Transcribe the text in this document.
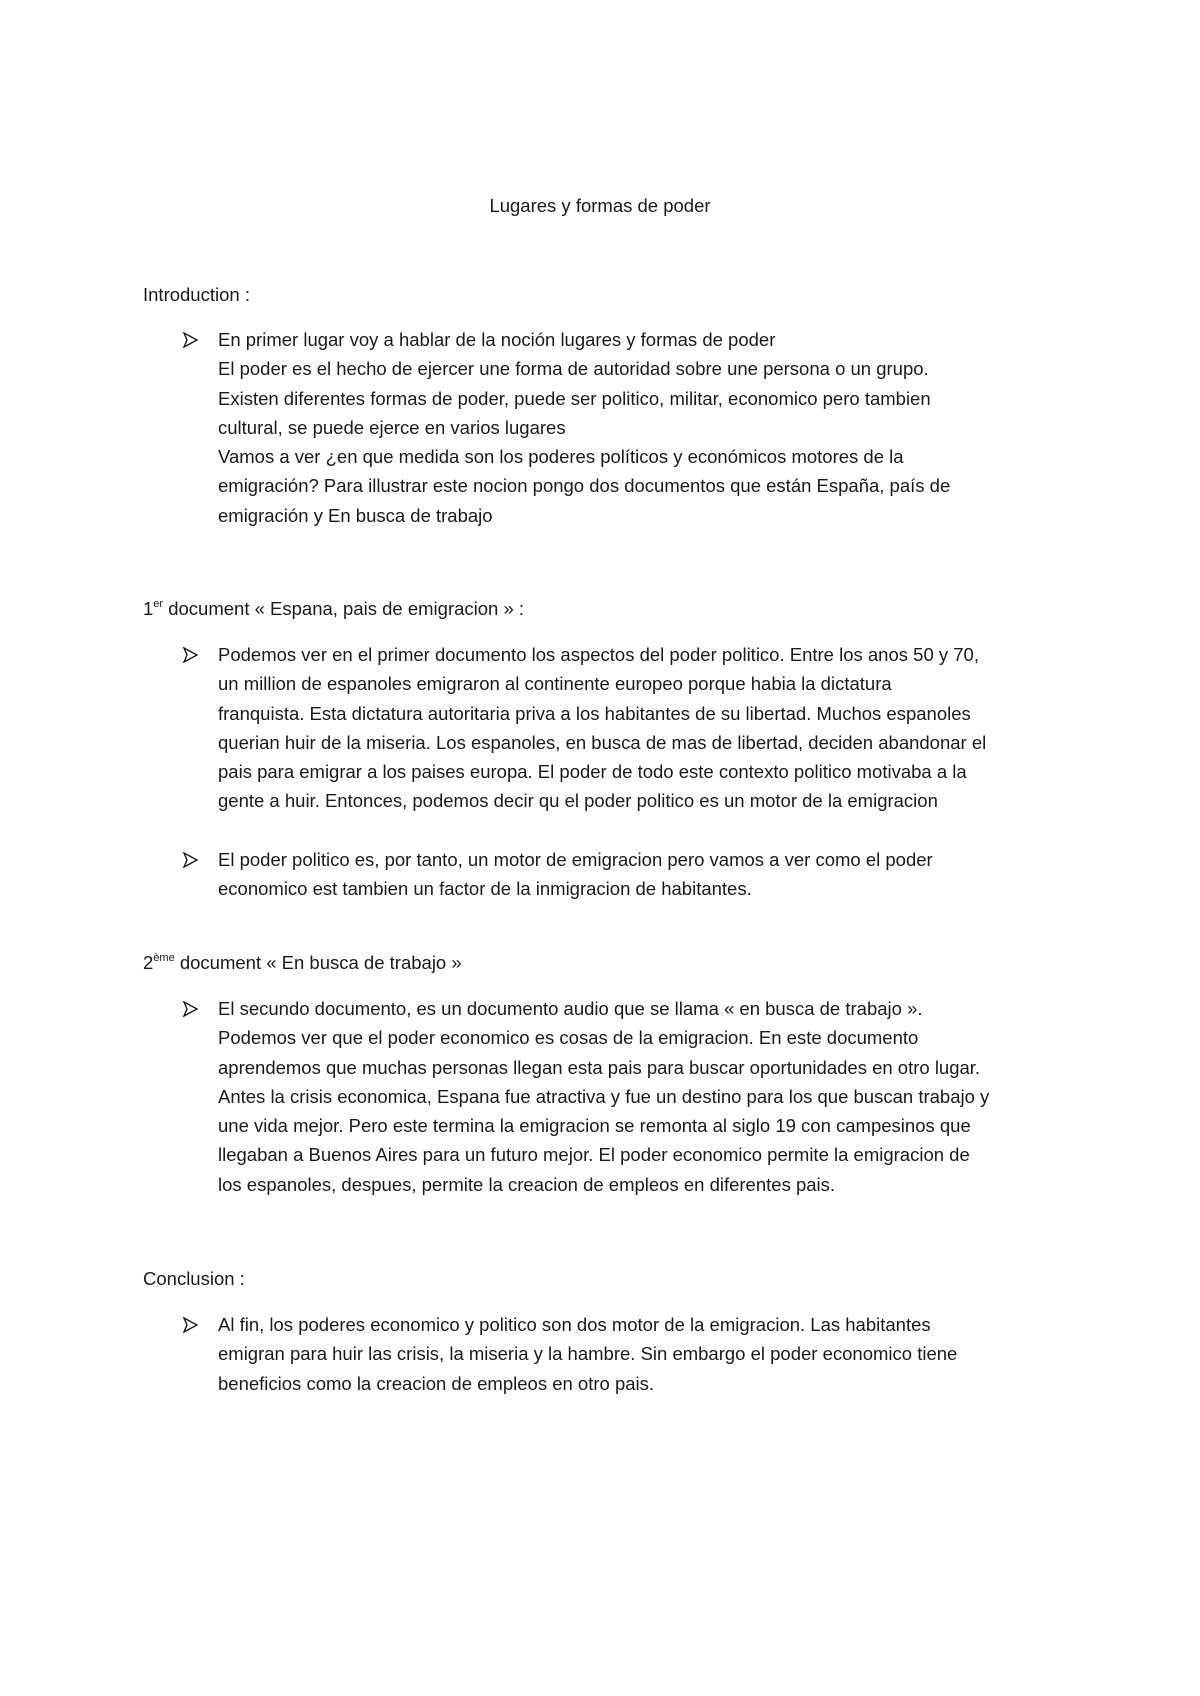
Lugares y formas de poder
Introduction :
En primer lugar voy a hablar de la noción lugares y formas de poder
El poder es el hecho de ejercer une forma de autoridad sobre une persona o un grupo.
Existen diferentes formas de poder, puede ser politico, militar, economico pero tambien
cultural, se puede ejerce en varios lugares
Vamos a ver ¿en que medida son los poderes políticos y económicos motores de la
emigración? Para illustrar este nocion pongo dos documentos que están España, país de
emigración y En busca de trabajo
1er document « Espana, pais de emigracion » :
Podemos ver en el primer documento los aspectos del poder politico. Entre los anos 50 y 70,
un million de espanoles emigraron al continente europeo porque habia la dictatura
franquista. Esta dictatura autoritaria priva a los habitantes de su libertad. Muchos espanoles
querian huir de la miseria. Los espanoles, en busca de mas de libertad, deciden abandonar el
pais para emigrar a los paises europa. El poder de todo este contexto politico motivaba a la
gente a huir. Entonces, podemos decir qu el poder politico es un motor de la emigracion
El poder politico es, por tanto, un motor de emigracion pero vamos a ver como el poder
economico est tambien un factor de la inmigracion de habitantes.
2ème document « En busca de trabajo »
El secundo documento, es un documento audio que se llama « en busca de trabajo ».
Podemos ver que el poder economico es cosas de la emigracion. En este documento
aprendemos que muchas personas llegan esta pais para buscar oportunidades en otro lugar.
Antes la crisis economica, Espana fue atractiva y fue un destino para los que buscan trabajo y
une vida mejor. Pero este termina la emigracion se remonta al siglo 19 con campesinos que
llegaban a Buenos Aires para un futuro mejor. El poder economico permite la emigracion de
los espanoles, despues, permite la creacion de empleos en diferentes pais.
Conclusion :
Al fin, los poderes economico y politico son dos motor de la emigracion. Las habitantes
emigran para huir las crisis, la miseria y la hambre. Sin embargo el poder economico tiene
beneficios como la creacion de empleos en otro pais.
